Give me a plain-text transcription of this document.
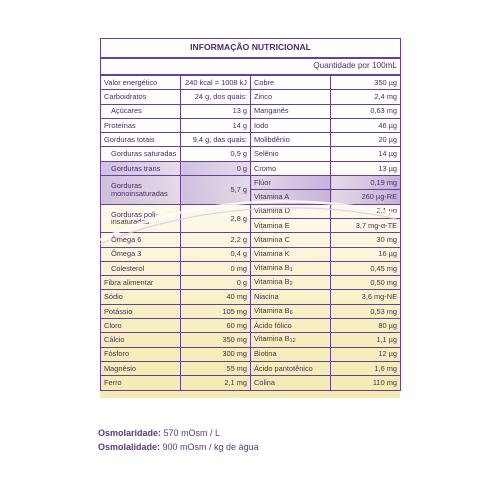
INFORMAÇÃO NUTRICIONAL			
Quantidade por 100mL			
Valor energético	240 kcal = 1008 kJ	Cobre	350 µg
Carboidratos	24 g, dos quais:	Zinco	2,4 mg
Açúcares	13 g	Manganês	0,63 mg
Proteínas	14 g	Iodo	46 µg
Gorduras totais	9,4 g, das quais:	Molibdênio	20 µg
Gorduras saturadas	0,9 g	Selênio	14 µg
Gorduras trans	0 g	Cromo	13 µg
Gorduras monoinsaturadas	5,7 g	Flúor	0,19 mg
		Vitamina A	260 µg-RE
Gorduras poli-insaturadas	2,8 g	Vitamina D	2,1 µg
		Vitamina E	3,7 mg-α-TE
Ômega 6	2,2 g	Vitamina C	30 mg
Ômega 3	0,4 g	Vitamina K	16 µg
Colesterol	0 mg	Vitamina $B_1$	0,45 mg
Fibra alimentar	0 g	Vitamina $B_2$	0,50 mg
Sódio	40 mg	Niacina	3,6 mg-NE
Potássio	105 mg	Vitamina $B_6$	0,53 mg
Cloro	60 mg	Ácido fólico	80 µg
Cálcio	350 mg	Vitamina $B_{12}$	1,1 µg
Fósforo	300 mg	Biotina	12 µg
Magnésio	55 mg	Ácido pantotênico	1,6 mg
Ferro	2,1 mg	Colina	110 mg
Osmolaridade: 570 mOsm / L
Osmolalidade: 900 mOsm / kg de água
